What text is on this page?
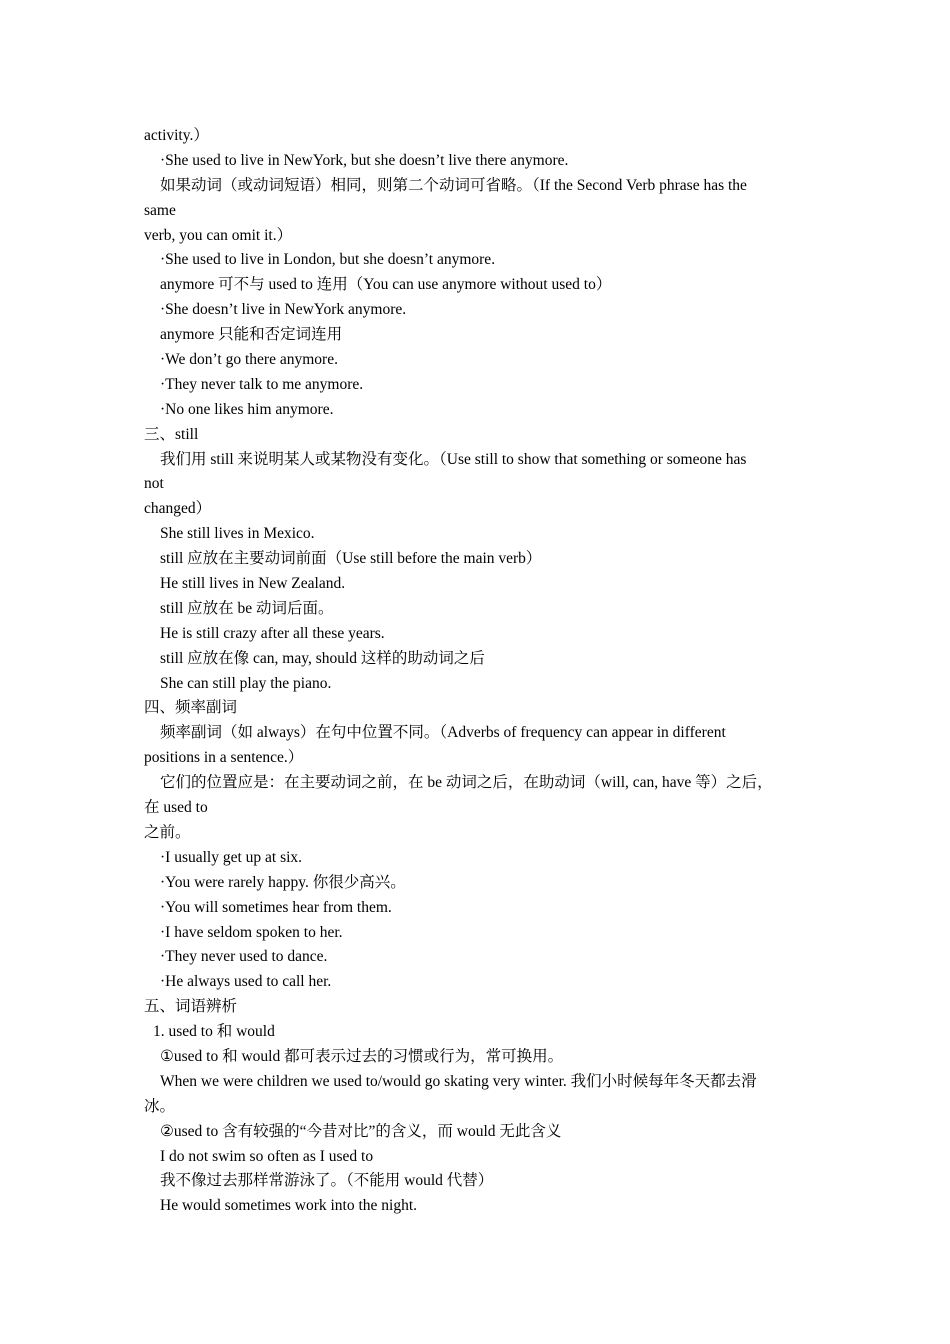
activity.）
·She used to live in NewYork, but she doesn’t live there anymore.
如果动词（或动词短语）相同，则第二个动词可省略。（If the Second Verb phrase has the
same
verb, you can omit it.）
·She used to live in London, but she doesn’t anymore.
anymore 可不与 used to 连用（You can use anymore without used to）
·She doesn’t live in NewYork anymore.
anymore 只能和否定词连用
·We don’t go there anymore.
·They never talk to me anymore.
·No one likes him anymore.
三、still
我们用 still 来说明某人或某物没有变化。（Use still to show that something or someone has
not
changed）
She still lives in Mexico.
still 应放在主要动词前面（Use still before the main verb）
He still lives in New Zealand.
still 应放在 be 动词后面。
He is still crazy after all these years.
still 应放在像 can, may, should 这样的助动词之后
She can still play the piano.
四、频率副词
频率副词（如 always）在句中位置不同。（Adverbs of frequency can appear in different
positions in a sentence.）
它们的位置应是：在主要动词之前，在 be 动词之后，在助动词（will, can, have 等）之后，
在 used to
之前。
·I usually get up at six.
·You were rarely happy. 你很少高兴。
·You will sometimes hear from them.
·I have seldom spoken to her.
·They never used to dance.
·He always used to call her.
五、词语辨析
1. used to 和 would
①used to 和 would 都可表示过去的习惯或行为，常可换用。
When we were children we used to/would go skating very winter. 我们小时候每年冬天都去滑
冰。
②used to 含有较强的“今昔对比”的含义，而 would 无此含义
I do not swim so often as I used to
我不像过去那样常游泳了。（不能用 would 代替）
He would sometimes work into the night.
